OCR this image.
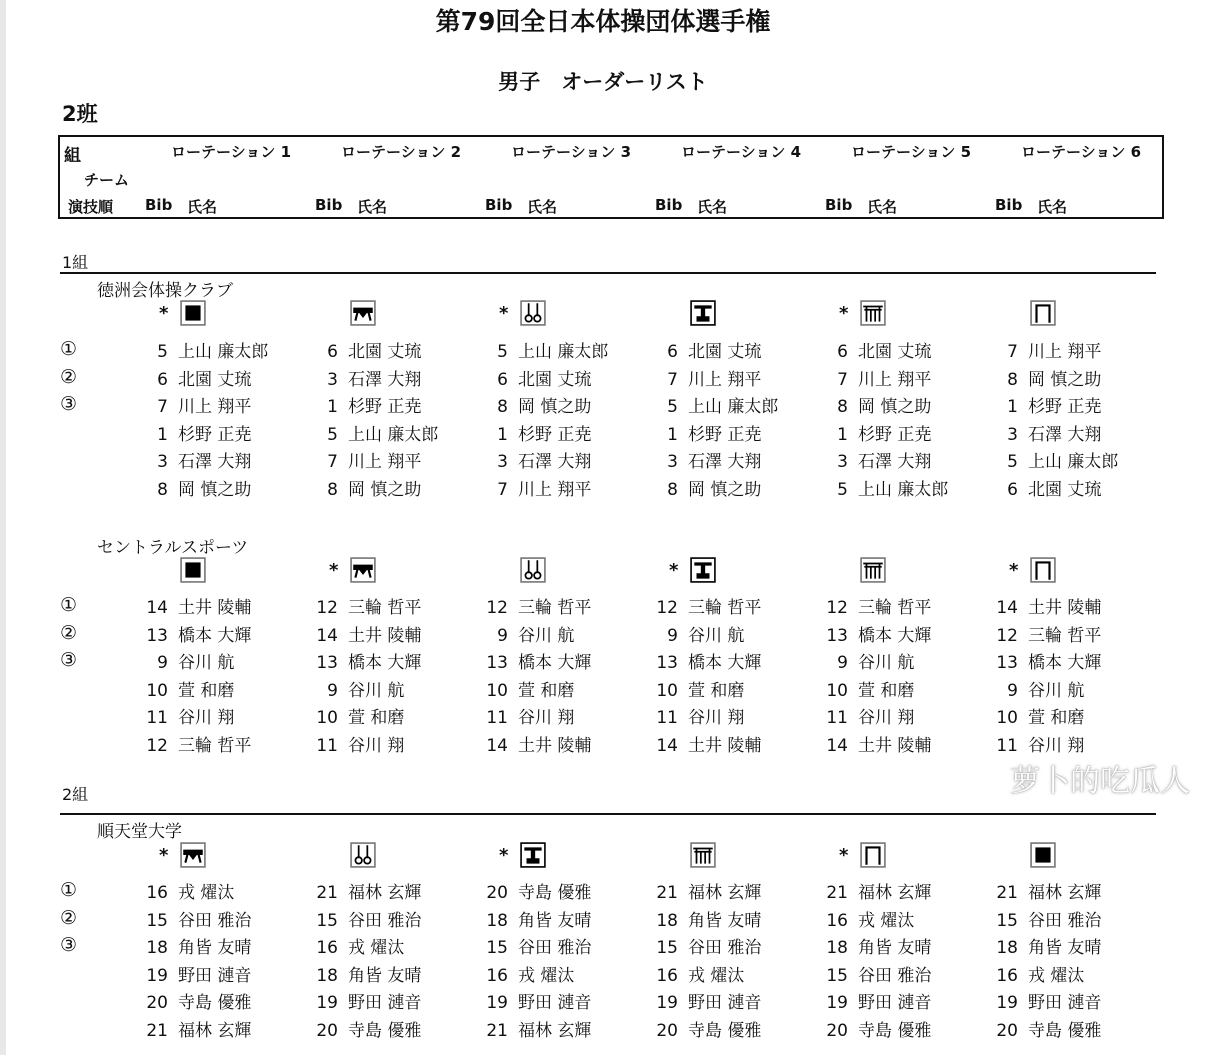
第79回全日本体操団体選手権
男子　オーダーリスト
2班
組
チーム
演技順
ローテーション 1
Bib 氏名
ローテーション 2
Bib 氏名
ローテーション 3
Bib 氏名
ローテーション 4
Bib 氏名
ローテーション 5
Bib 氏名
ローテーション 6
Bib 氏名
1組
徳洲会体操クラブ
①
②
③
*
5 上山 廉太郎
6 北園 丈琉
7 川上 翔平
1 杉野 正尭
3 石澤 大翔
8 岡 慎之助
6 北園 丈琉
3 石澤 大翔
1 杉野 正尭
5 上山 廉太郎
7 川上 翔平
8 岡 慎之助
*
5 上山 廉太郎
6 北園 丈琉
8 岡 慎之助
1 杉野 正尭
3 石澤 大翔
7 川上 翔平
6 北園 丈琉
7 川上 翔平
5 上山 廉太郎
1 杉野 正尭
3 石澤 大翔
8 岡 慎之助
*
6 北園 丈琉
7 川上 翔平
8 岡 慎之助
1 杉野 正尭
3 石澤 大翔
5 上山 廉太郎
7 川上 翔平
8 岡 慎之助
1 杉野 正尭
3 石澤 大翔
5 上山 廉太郎
6 北園 丈琉
セントラルスポーツ
①
②
③
14 土井 陵輔
13 橋本 大輝
9 谷川 航
10 萱 和磨
11 谷川 翔
12 三輪 哲平
*
12 三輪 哲平
14 土井 陵輔
13 橋本 大輝
9 谷川 航
10 萱 和磨
11 谷川 翔
12 三輪 哲平
9 谷川 航
13 橋本 大輝
10 萱 和磨
11 谷川 翔
14 土井 陵輔
*
12 三輪 哲平
9 谷川 航
13 橋本 大輝
10 萱 和磨
11 谷川 翔
14 土井 陵輔
12 三輪 哲平
13 橋本 大輝
9 谷川 航
10 萱 和磨
11 谷川 翔
14 土井 陵輔
*
14 土井 陵輔
12 三輪 哲平
13 橋本 大輝
9 谷川 航
10 萱 和磨
11 谷川 翔
2組
順天堂大学
①
②
③
*
16 戎 燿汰
15 谷田 雅治
18 角皆 友晴
19 野田 漣音
20 寺島 優雅
21 福林 玄輝
21 福林 玄輝
15 谷田 雅治
16 戎 燿汰
18 角皆 友晴
19 野田 漣音
20 寺島 優雅
*
20 寺島 優雅
18 角皆 友晴
15 谷田 雅治
16 戎 燿汰
19 野田 漣音
21 福林 玄輝
21 福林 玄輝
18 角皆 友晴
15 谷田 雅治
16 戎 燿汰
19 野田 漣音
20 寺島 優雅
*
21 福林 玄輝
16 戎 燿汰
18 角皆 友晴
15 谷田 雅治
19 野田 漣音
20 寺島 優雅
21 福林 玄輝
15 谷田 雅治
18 角皆 友晴
16 戎 燿汰
19 野田 漣音
20 寺島 優雅
萝卜的吃瓜人
